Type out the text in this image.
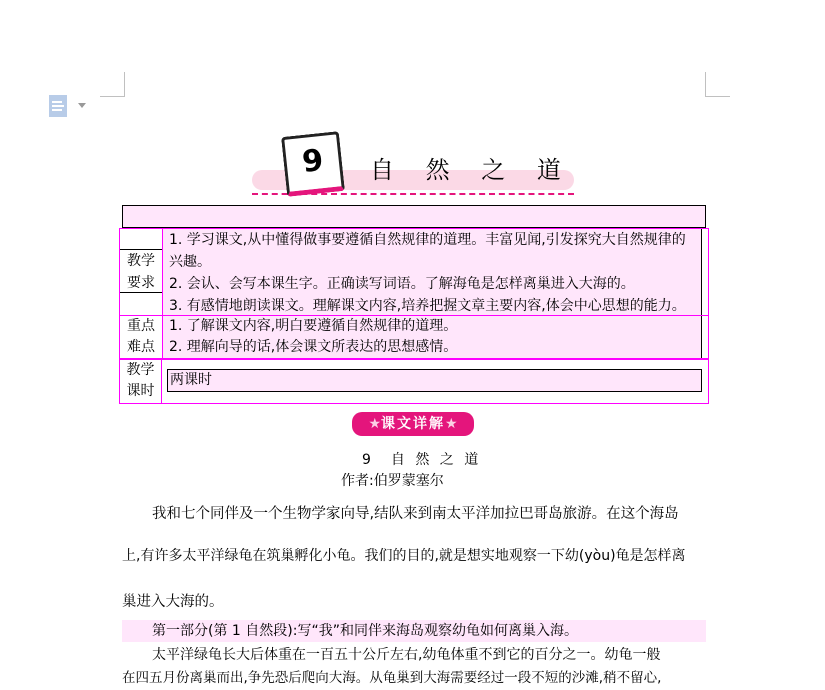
9	自 然 之 道
教学
要求
1. 学习课文,从中懂得做事要遵循自然规律的道理。丰富见闻,引发探究大自然规律的
兴趣。
2. 会认、会写本课生字。正确读写词语。了解海龟是怎样离巢进入大海的。
3. 有感情地朗读课文。理解课文内容,培养把握文章主要内容,体会中心思想的能力。
重点
难点
1. 了解课文内容,明白要遵循自然规律的道理。
2. 理解向导的话,体会课文所表达的思想感情。
教学
课时
两课时
★课文详解★
9　自 然 之 道
作者:伯罗蒙塞尔
我和七个同伴及一个生物学家向导,结队来到南太平洋加拉巴哥岛旅游。在这个海岛
上,有许多太平洋绿龟在筑巢孵化小龟。我们的目的,就是想实地观察一下幼(yòu)龟是怎样离
巢进入大海的。
第一部分(第 1 自然段):写“我”和同伴来海岛观察幼龟如何离巢入海。
太平洋绿龟长大后体重在一百五十公斤左右,幼龟体重不到它的百分之一。幼龟一般
在四五月份离巢而出,争先恐后爬向大海。从龟巢到大海需要经过一段不短的沙滩,稍不留心,
